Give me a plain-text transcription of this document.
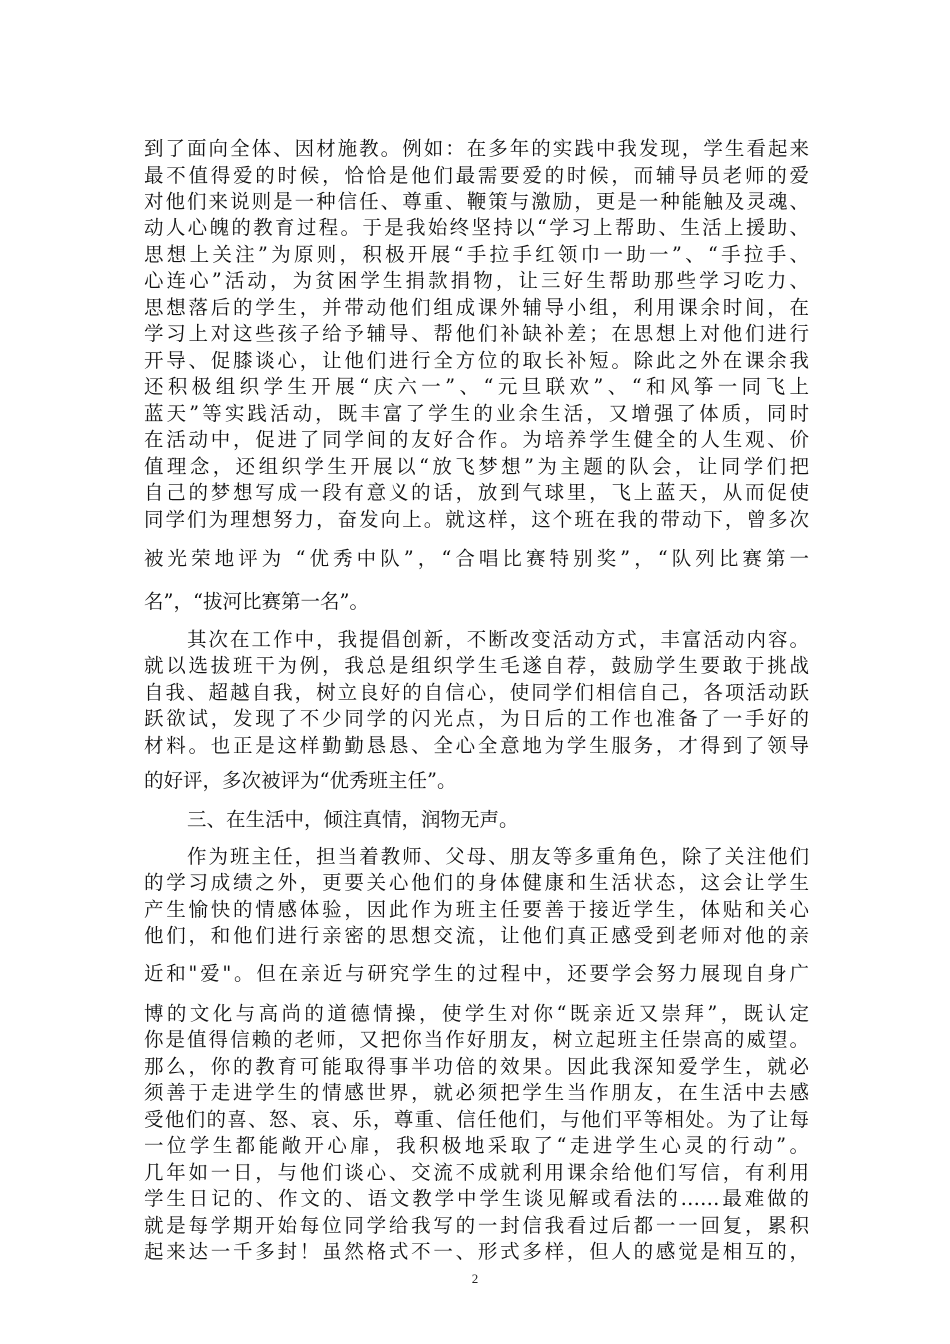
到了面向全体、因材施教。例如：在多年的实践中我发现，学生看起来
最不值得爱的时候，恰恰是他们最需要爱的时候，而辅导员老师的爱
对他们来说则是一种信任、尊重、鞭策与激励，更是一种能触及灵魂、
动人心魄的教育过程。于是我始终坚持以“学习上帮助、生活上援助、
思想上关注”为原则，积极开展“手拉手红领巾一助一”、“手拉手、
心连心”活动，为贫困学生捐款捐物，让三好生帮助那些学习吃力、
思想落后的学生，并带动他们组成课外辅导小组，利用课余时间，在
学习上对这些孩子给予辅导、帮他们补缺补差；在思想上对他们进行
开导、促膝谈心，让他们进行全方位的取长补短。除此之外在课余我
还积极组织学生开展“庆六一”、“元旦联欢”、“和风筝一同飞上
蓝天”等实践活动，既丰富了学生的业余生活，又增强了体质，同时
在活动中，促进了同学间的友好合作。为培养学生健全的人生观、价
值理念，还组织学生开展以“放飞梦想”为主题的队会，让同学们把
自己的梦想写成一段有意义的话，放到气球里，飞上蓝天，从而促使
同学们为理想努力，奋发向上。就这样，这个班在我的带动下，曾多次
被光荣地评为 “优秀中队”，“合唱比赛特别奖”，“队列比赛第一
名”，“拔河比赛第一名”。
其次在工作中，我提倡创新，不断改变活动方式，丰富活动内容。
就以选拔班干为例，我总是组织学生毛遂自荐，鼓励学生要敢于挑战
自我、超越自我，树立良好的自信心，使同学们相信自己，各项活动跃
跃欲试，发现了不少同学的闪光点，为日后的工作也准备了一手好的
材料。也正是这样勤勤恳恳、全心全意地为学生服务，才得到了领导
的好评，多次被评为“优秀班主任”。
三、在生活中，倾注真情，润物无声。
作为班主任，担当着教师、父母、朋友等多重角色，除了关注他们
的学习成绩之外，更要关心他们的身体健康和生活状态，这会让学生
产生愉快的情感体验，因此作为班主任要善于接近学生，体贴和关心
他们，和他们进行亲密的思想交流，让他们真正感受到老师对他的亲
近和"爱"。但在亲近与研究学生的过程中，还要学会努力展现自身广
博的文化与高尚的道德情操，使学生对你“既亲近又崇拜”，既认定
你是值得信赖的老师，又把你当作好朋友，树立起班主任崇高的威望。
那么，你的教育可能取得事半功倍的效果。因此我深知爱学生，就必
须善于走进学生的情感世界，就必须把学生当作朋友，在生活中去感
受他们的喜、怒、哀、乐，尊重、信任他们，与他们平等相处。为了让每
一位学生都能敞开心扉，我积极地采取了“走进学生心灵的行动”。
几年如一日，与他们谈心、交流不成就利用课余给他们写信，有利用
学生日记的、作文的、语文教学中学生谈见解或看法的……最难做的
就是每学期开始每位同学给我写的一封信我看过后都一一回复，累积
起来达一千多封！虽然格式不一、形式多样，但人的感觉是相互的，
2
